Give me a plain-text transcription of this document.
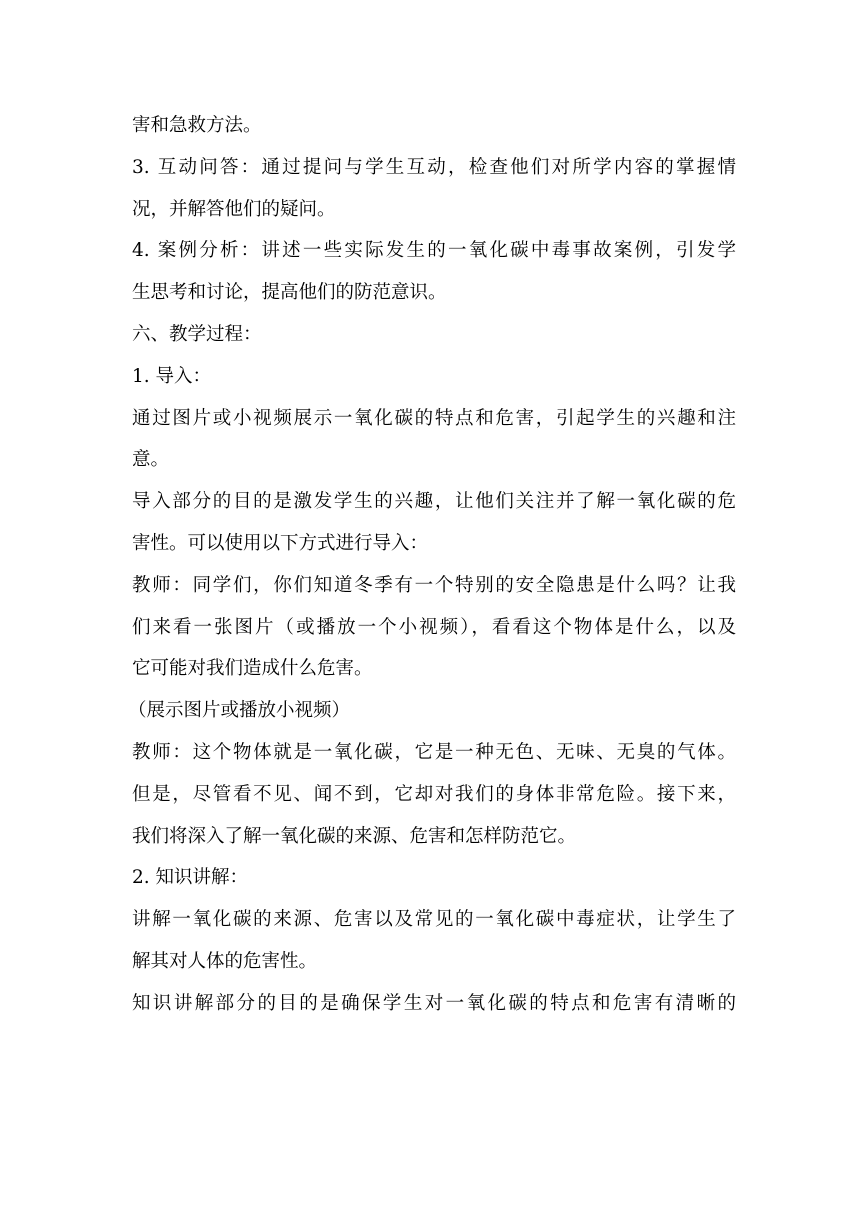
害和急救方法。
3. 互动问答：通过提问与学生互动，检查他们对所学内容的掌握情
况，并解答他们的疑问。
4. 案例分析：讲述一些实际发生的一氧化碳中毒事故案例，引发学
生思考和讨论，提高他们的防范意识。
六、教学过程：
1. 导入：
通过图片或小视频展示一氧化碳的特点和危害，引起学生的兴趣和注
意。
导入部分的目的是激发学生的兴趣，让他们关注并了解一氧化碳的危
害性。可以使用以下方式进行导入：
教师：同学们，你们知道冬季有一个特别的安全隐患是什么吗？让我
们来看一张图片（或播放一个小视频），看看这个物体是什么，以及
它可能对我们造成什么危害。
（展示图片或播放小视频）
教师：这个物体就是一氧化碳，它是一种无色、无味、无臭的气体。
但是，尽管看不见、闻不到，它却对我们的身体非常危险。接下来，
我们将深入了解一氧化碳的来源、危害和怎样防范它。
2. 知识讲解：
讲解一氧化碳的来源、危害以及常见的一氧化碳中毒症状，让学生了
解其对人体的危害性。
知识讲解部分的目的是确保学生对一氧化碳的特点和危害有清晰的
